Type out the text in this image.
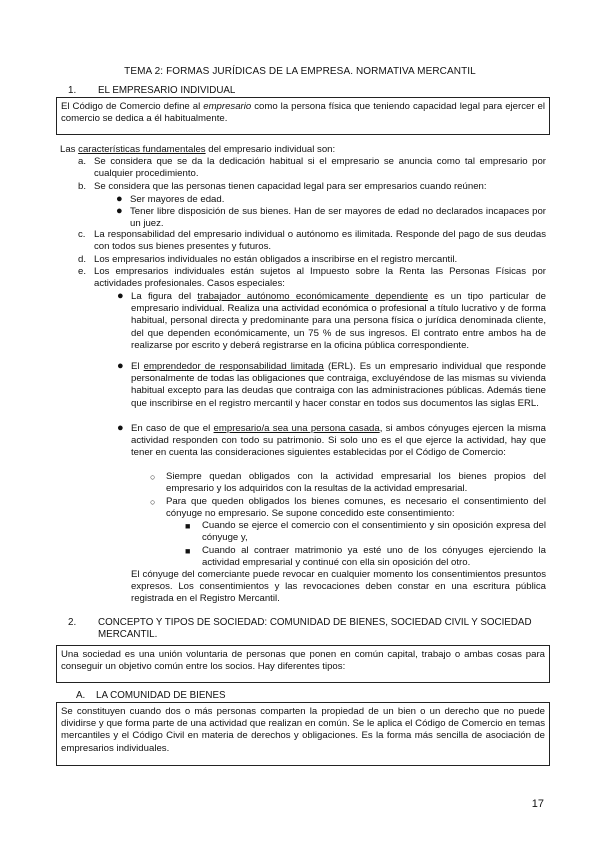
TEMA 2: FORMAS JURÍDICAS DE LA EMPRESA. NORMATIVA MERCANTIL
1. EL EMPRESARIO INDIVIDUAL
El Código de Comercio define al empresario como la persona física que teniendo capacidad legal para ejercer el comercio se dedica a él habitualmente.
Las características fundamentales del empresario individual son:
a. Se considera que se da la dedicación habitual si el empresario se anuncia como tal empresario por cualquier procedimiento.
b. Se considera que las personas tienen capacidad legal para ser empresarios cuando reúnen:
● Ser mayores de edad.
● Tener libre disposición de sus bienes. Han de ser mayores de edad no declarados incapaces por un juez.
c. La responsabilidad del empresario individual o autónomo es ilimitada. Responde del pago de sus deudas con todos sus bienes presentes y futuros.
d. Los empresarios individuales no están obligados a inscribirse en el registro mercantil.
e. Los empresarios individuales están sujetos al Impuesto sobre la Renta las Personas Físicas por actividades profesionales. Casos especiales:
● La figura del trabajador autónomo económicamente dependiente es un tipo particular de empresario individual. Realiza una actividad económica o profesional a título lucrativo y de forma habitual, personal directa y predominante para una persona física o jurídica denominada cliente, del que dependen económicamente, un 75 % de sus ingresos. El contrato entre ambos ha de realizarse por escrito y deberá registrarse en la oficina pública correspondiente.
● El emprendedor de responsabilidad limitada (ERL). Es un empresario individual que responde personalmente de todas las obligaciones que contraiga, excluyéndose de las mismas su vivienda habitual excepto para las deudas que contraiga con las administraciones públicas. Además tiene que inscribirse en el registro mercantil y hacer constar en todos sus documentos las siglas ERL.
● En caso de que el empresario/a sea una persona casada, si ambos cónyuges ejercen la misma actividad responden con todo su patrimonio. Si solo uno es el que ejerce la actividad, hay que tener en cuenta las consideraciones siguientes establecidas por el Código de Comercio:
○ Siempre quedan obligados con la actividad empresarial los bienes propios del empresario y los adquiridos con la resultas de la actividad empresarial.
○ Para que queden obligados los bienes comunes, es necesario el consentimiento del cónyuge no empresario. Se supone concedido este consentimiento:
■ Cuando se ejerce el comercio con el consentimiento y sin oposición expresa del cónyuge y,
■ Cuando al contraer matrimonio ya esté uno de los cónyuges ejerciendo la actividad empresarial y continué con ella sin oposición del otro.
El cónyuge del comerciante puede revocar en cualquier momento los consentimientos presuntos expresos. Los consentimientos y las revocaciones deben constar en una escritura pública registrada en el Registro Mercantil.
2. CONCEPTO Y TIPOS DE SOCIEDAD: COMUNIDAD DE BIENES, SOCIEDAD CIVIL Y SOCIEDAD MERCANTIL.
Una sociedad es una unión voluntaria de personas que ponen en común capital, trabajo o ambas cosas para conseguir un objetivo común entre los socios. Hay diferentes tipos:
A. LA COMUNIDAD DE BIENES
Se constituyen cuando dos o más personas comparten la propiedad de un bien o un derecho que no puede dividirse y que forma parte de una actividad que realizan en común. Se le aplica el Código de Comercio en temas mercantiles y el Código Civil en materia de derechos y obligaciones. Es la forma más sencilla de asociación de empresarios individuales.
17
